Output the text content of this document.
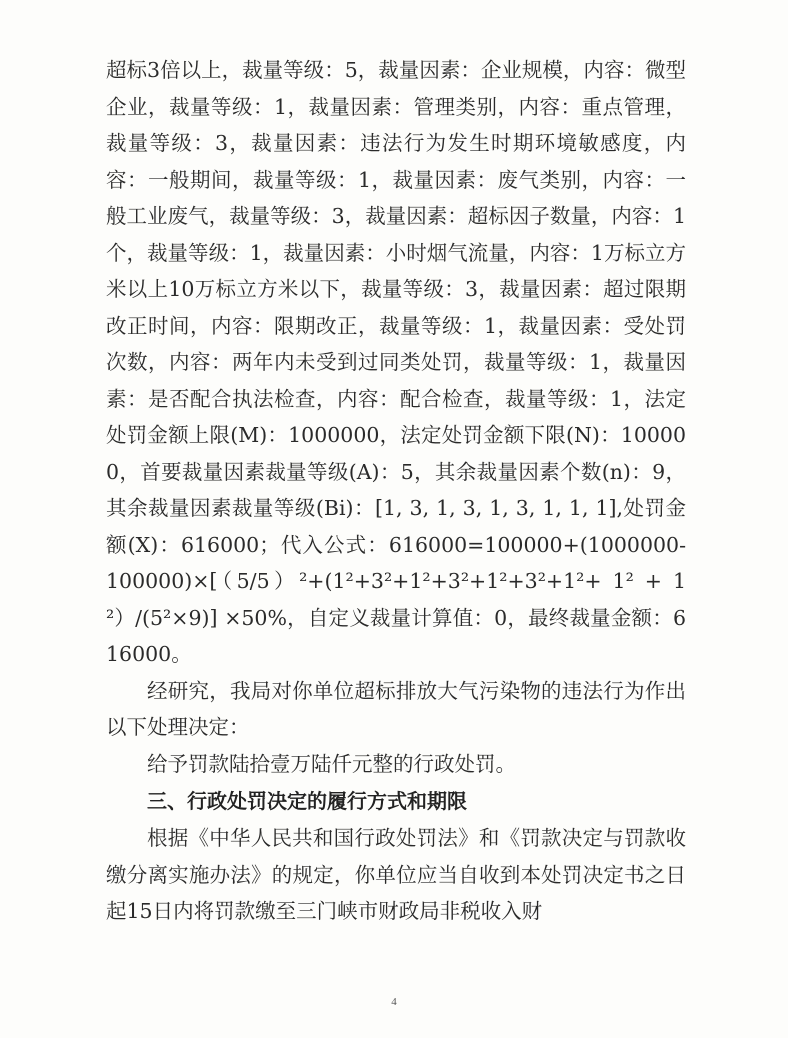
超标3倍以上，裁量等级：5，裁量因素：企业规模，内容：微型企业，裁量等级：1，裁量因素：管理类别，内容：重点管理，裁量等级：3，裁量因素：违法行为发生时期环境敏感度，内容：一般期间，裁量等级：1，裁量因素：废气类别，内容：一般工业废气，裁量等级：3，裁量因素：超标因子数量，内容：1个，裁量等级：1，裁量因素：小时烟气流量，内容：1万标立方米以上10万标立方米以下，裁量等级：3，裁量因素：超过限期改正时间，内容：限期改正，裁量等级：1，裁量因素：受处罚次数，内容：两年内未受到过同类处罚，裁量等级：1，裁量因素：是否配合执法检查，内容：配合检查，裁量等级：1，法定处罚金额上限(M)：1000000，法定处罚金额下限(N)：100000，首要裁量因素裁量等级(A)：5，其余裁量因素个数(n)：9，其余裁量因素裁量等级(Bi)：[1, 3, 1, 3, 1, 3, 1, 1, 1],处罚金额(X)：616000；代入公式：616000=100000+(1000000-100000)×[（5/5）²+(1²+3²+1²+3²+1²+3²+1²+ 1² + 1²）/(5²×9)] ×50%，自定义裁量计算值：0，最终裁量金额：616000。

经研究，我局对你单位超标排放大气污染物的违法行为作出以下处理决定：

给予罚款陆拾壹万陆仟元整的行政处罚。

三、行政处罚决定的履行方式和期限

根据《中华人民共和国行政处罚法》和《罚款决定与罚款收缴分离实施办法》的规定，你单位应当自收到本处罚决定书之日起15日内将罚款缴至三门峡市财政局非税收入财

4
